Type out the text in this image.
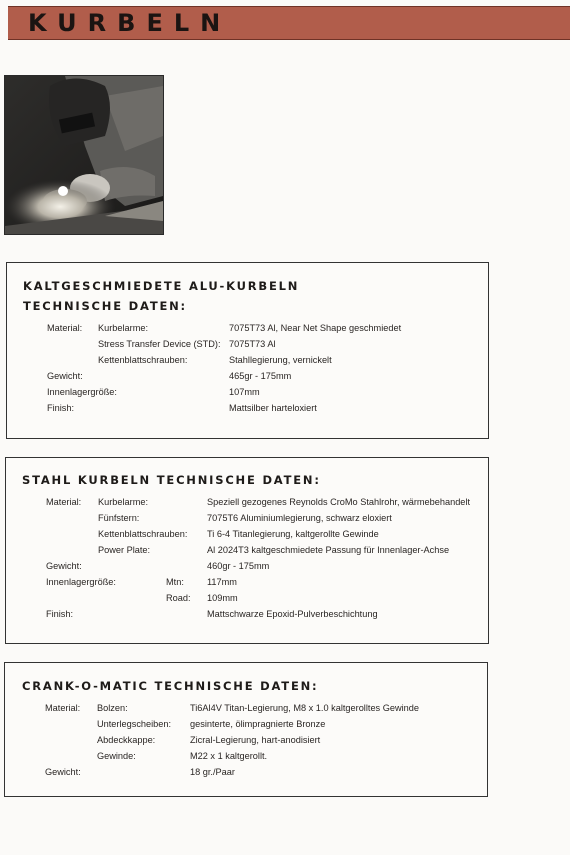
KURBELN
KALTGESCHMIEDETE ALU-KURBELN
TECHNISCHE DATEN:
Material: Kurbelarme:	7075T73 Al, Near Net Shape geschmiedet
Stress Transfer Device (STD): 7075T73 Al
Kettenblattschrauben:	Stahllegierung, vernickelt
Gewicht:	465gr - 175mm
Innenlagergröße:	107mm
Finish:	Mattsilber harteloxiert
STAHL KURBELN TECHNISCHE DATEN:
Material: Kurbelarme:	Speziell gezogenes Reynolds CroMo Stahlrohr, wärmebehandelt
Fünfstern:	7075T6 Aluminiumlegierung, schwarz eloxiert
Kettenblattschrauben: Ti 6-4 Titanlegierung, kaltgerollte Gewinde
Power Plate:	Al 2024T3 kaltgeschmiedete Passung für Innenlager-Achse
Gewicht:	460gr - 175mm
Innenlagergröße:	Mtn:	117mm
Road: 109mm
Finish:	Mattschwarze Epoxid-Pulverbeschichtung
CRANK-O-MATIC TECHNISCHE DATEN:
Material: Bolzen:	Ti6Al4V Titan-Legierung, M8 x 1.0 kaltgerolltes Gewinde
Unterlegscheiben: gesinterte, ölimpragnierte Bronze
Abdeckkappe:	Zicral-Legierung, hart-anodisiert
Gewinde:	M22 x 1 kaltgerollt.
Gewicht:	18 gr./Paar
